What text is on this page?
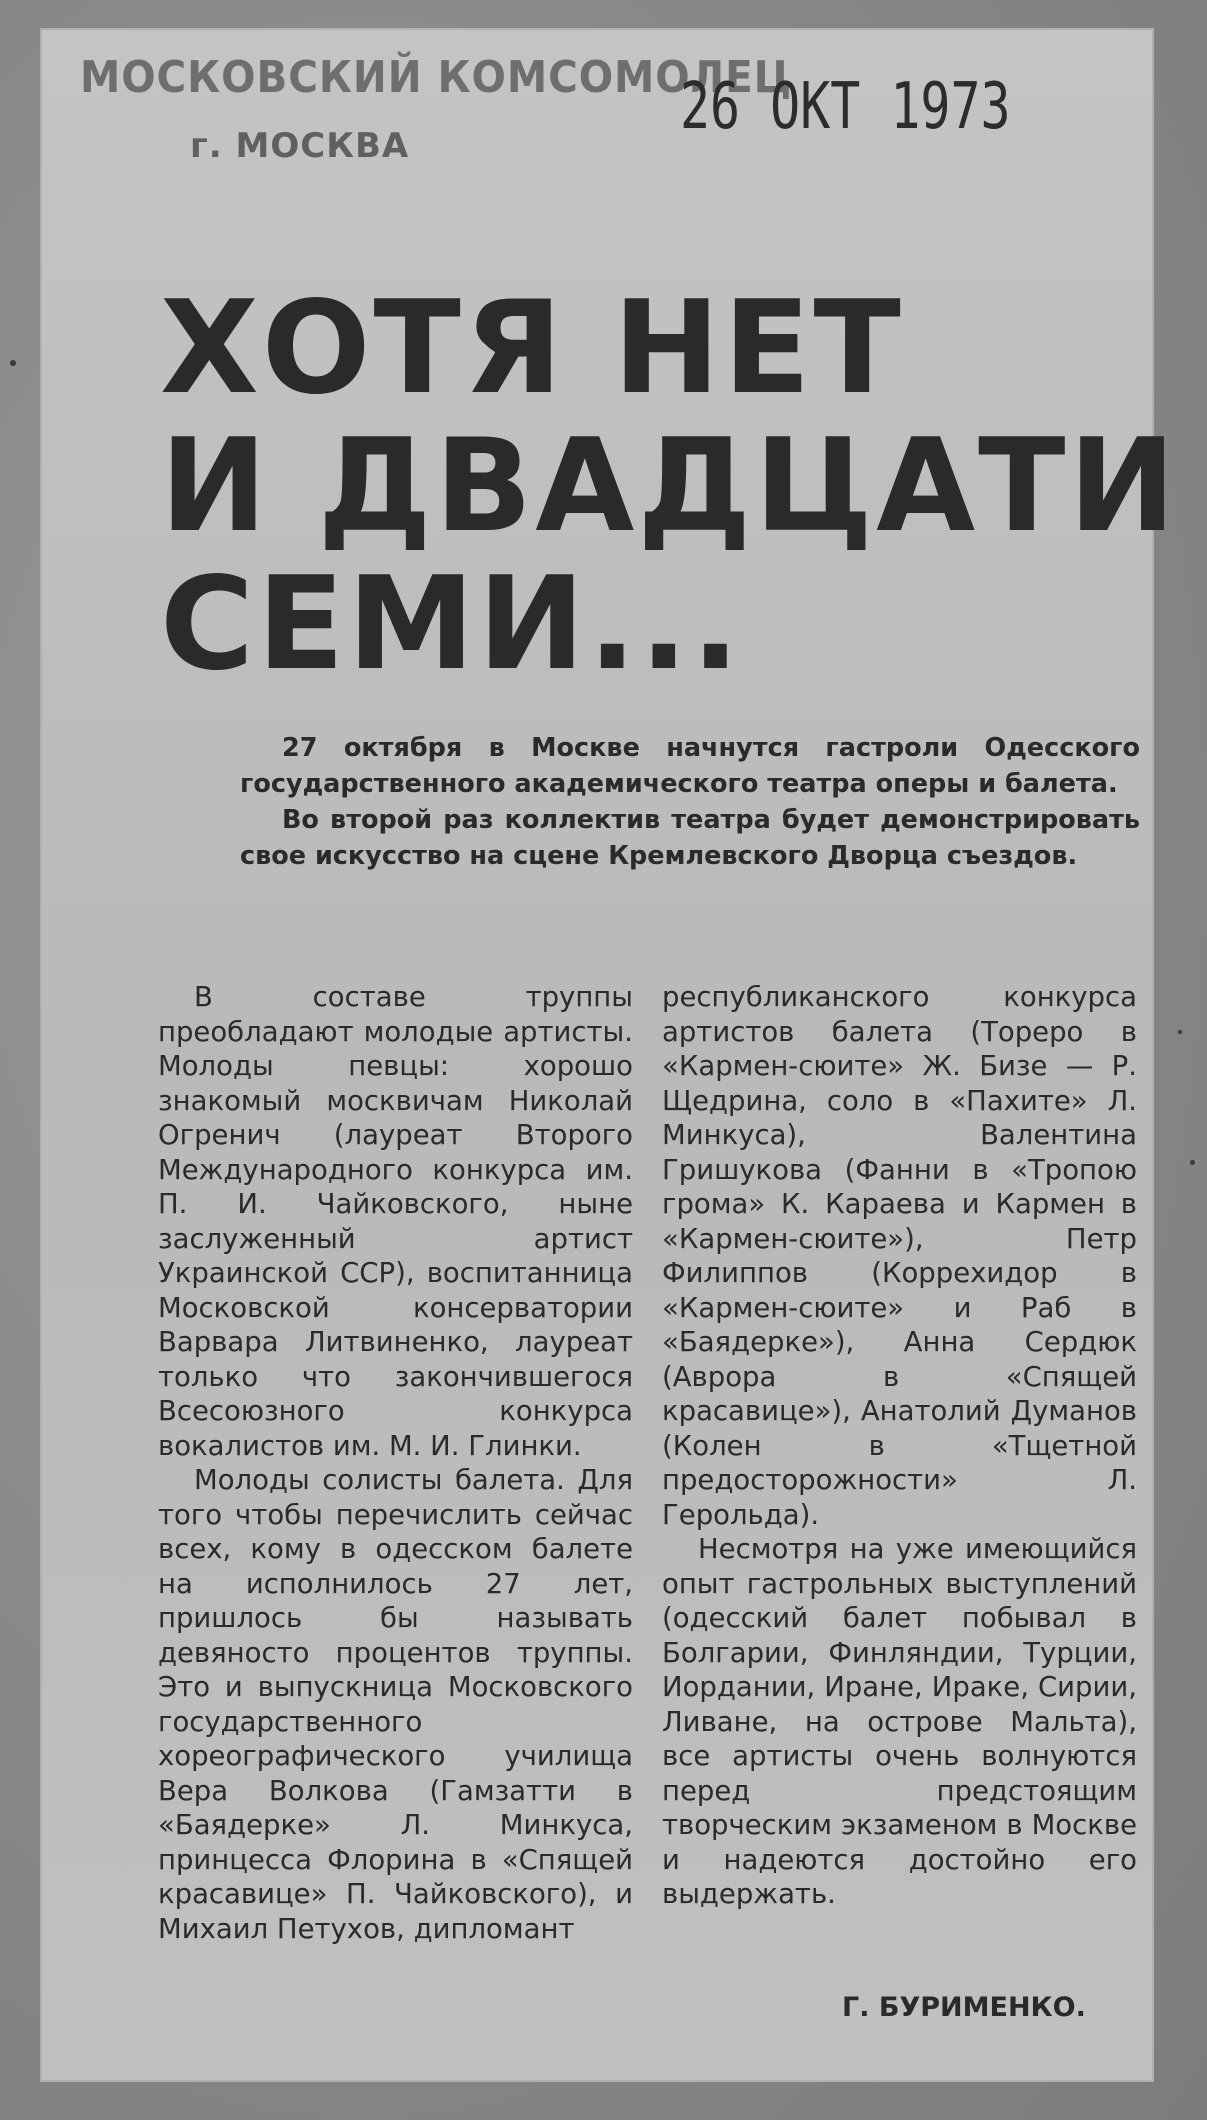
МОСКОВСКИЙ КОМСОМОЛЕЦ
г. МОСКВА
26 ОКТ 1973
ХОТЯ НЕТ
И ДВАДЦАТИ
СЕМИ...

27 октября в Москве начнутся гастроли Одесского государственного академического театра оперы и балета.

Во второй раз коллектив театра будет демонстрировать свое искусство на сцене Кремлевского Дворца съездов.

В составе труппы преобладают молодые артисты. Молоды певцы: хорошо знакомый москвичам Николай Огренич (лауреат Второго Международного конкурса им. П. И. Чайковского, ныне заслуженный артист Украинской ССР), воспитанница Московской консерватории Варвара Литвиненко, лауреат только что закончившегося Всесоюзного конкурса вокалистов им. М. И. Глинки.

Молоды солисты балета. Для того чтобы перечислить сейчас всех, кому в одесском балете на исполнилось 27 лет, пришлось бы называть девяносто процентов труппы. Это и выпускница Московского государственного хореографического училища Вера Волкова (Гамзатти в «Баядерке» Л. Минкуса, принцесса Флорина в «Спящей красавице» П. Чайковского), и Михаил Петухов, дипломант

республиканского конкурса артистов балета (Тореро в «Кармен-сюите» Ж. Бизе — Р. Щедрина, соло в «Пахите» Л. Минкуса), Валентина Гришукова (Фанни в «Тропою грома» К. Караева и Кармен в «Кармен-сюите»), Петр Филиппов (Коррехидор в «Кармен-сюите» и Раб в «Баядерке»), Анна Сердюк (Аврора в «Спящей красавице»), Анатолий Думанов (Колен в «Тщетной предосторожности» Л. Герольда).

Несмотря на уже имеющийся опыт гастрольных выступлений (одесский балет побывал в Болгарии, Финляндии, Турции, Иордании, Иране, Ираке, Сирии, Ливане, на острове Мальта), все артисты очень волнуются перед предстоящим творческим экзаменом в Москве и надеются достойно его выдержать.

Г. БУРИМЕНКО.
